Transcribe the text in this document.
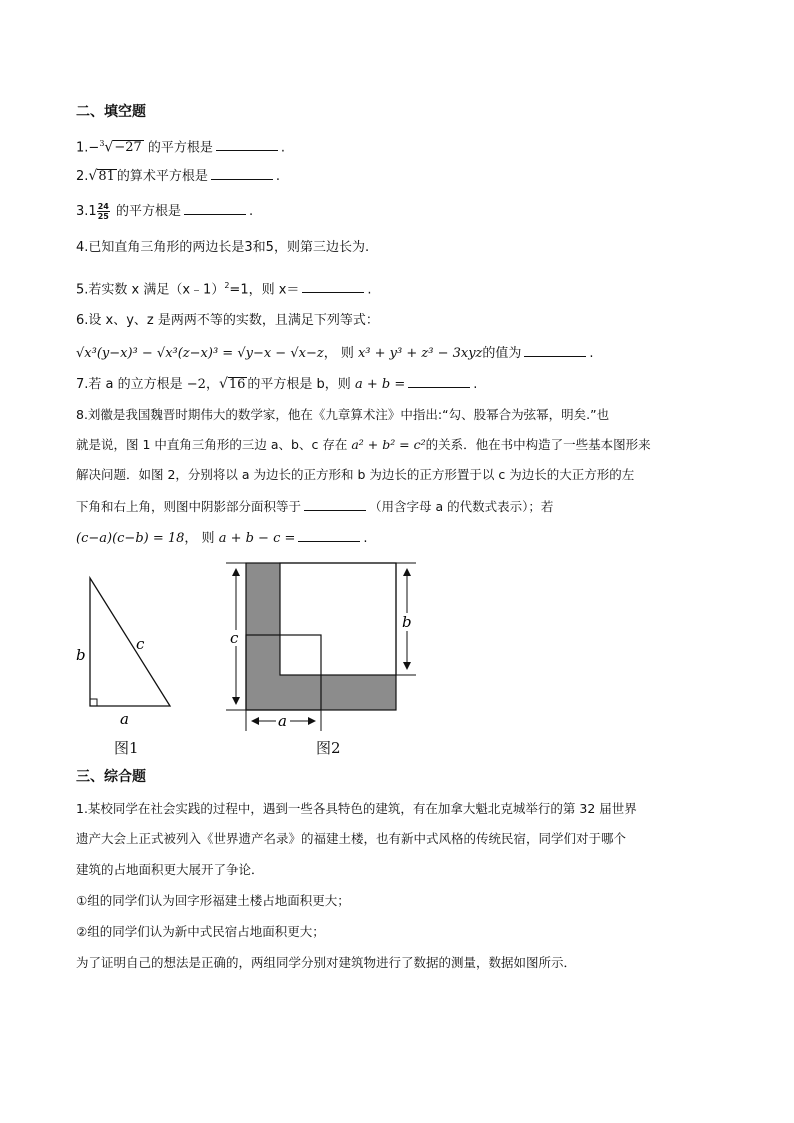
二、填空题
1.−$^3$√−27 的平方根是	.
2.√81 的算术平方根是	.
$3.1 \frac{24}{25}$ 的平方根是	.
4.已知直角三角形的两边长是3和5，则第三边长为.
5.若实数 x 满足（x﹣1）$^2$=1，则 x＝	.
6.设 x、y、z 是两两不等的实数，且满足下列等式：
√x³(y−x)³ − √x³(z−x)³ = √y−x − √x−z， 则 x³ + y³ + z³ − 3xyz的值为	.
7.若 a 的立方根是 −2，√16 的平方根是 b，则 a + b =	.
8.刘徽是我国魏晋时期伟大的数学家，他在《九章算术注》中指出:“勾、股幂合为弦幂，明矣.”也
就是说，图 1 中直角三角形的三边 a、b、c 存在 a² + b² = c²的关系．他在书中构造了一些基本图形来
解决问题．如图 2，分别将以 a 为边长的正方形和 b 为边长的正方形置于以 c 为边长的大正方形的左
下角和右上角，则图中阴影部分面积等于	（用含字母 a 的代数式表示）；若
(c−a)(c−b) = 18， 则 a + b − c =	.
b
c
a
图1
c
b
a
图2
三、综合题
1.某校同学在社会实践的过程中，遇到一些各具特色的建筑，有在加拿大魁北克城举行的第 32 届世界
遗产大会上正式被列入《世界遗产名录》的福建土楼，也有新中式风格的传统民宿，同学们对于哪个
建筑的占地面积更大展开了争论．
①组的同学们认为回字形福建土楼占地面积更大；
②组的同学们认为新中式民宿占地面积更大；
为了证明自己的想法是正确的，两组同学分别对建筑物进行了数据的测量，数据如图所示．
